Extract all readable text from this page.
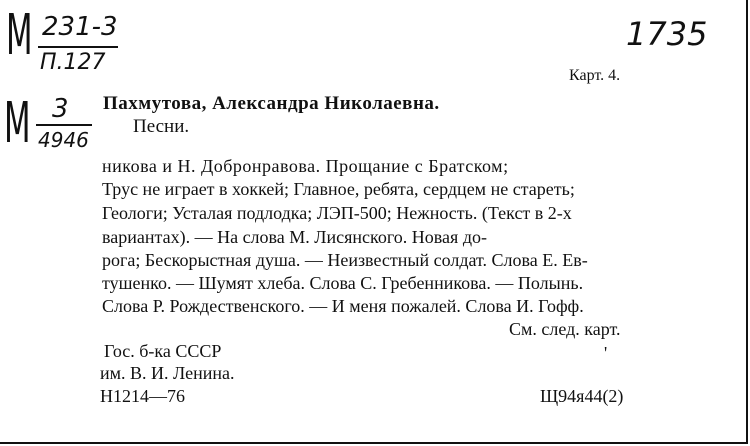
М 231-3
П.127
М 3
4946
1735
Карт. 4.
Пахмутова, Александра Николаевна.
Песни.
никова и Н. Добронравова. Прощание с Братском;
Трус не играет в хоккей; Главное, ребята, сердцем не стареть;
Геологи; Усталая подлодка; ЛЭП-500; Нежность. (Текст в 2-х
вариантах). — На слова М. Лисянского. Новая до-
рога; Бескорыстная душа. — Неизвестный солдат. Слова Е. Ев-
тушенко. — Шумят хлеба. Слова С. Гребенникова. — Полынь.
Слова Р. Рождественского. — И меня пожалей. Слова И. Гофф.
См. след. карт.
Гос. б-ка СССР
им. В. И. Ленина.
'
Н1214—76	Щ94я44(2)
